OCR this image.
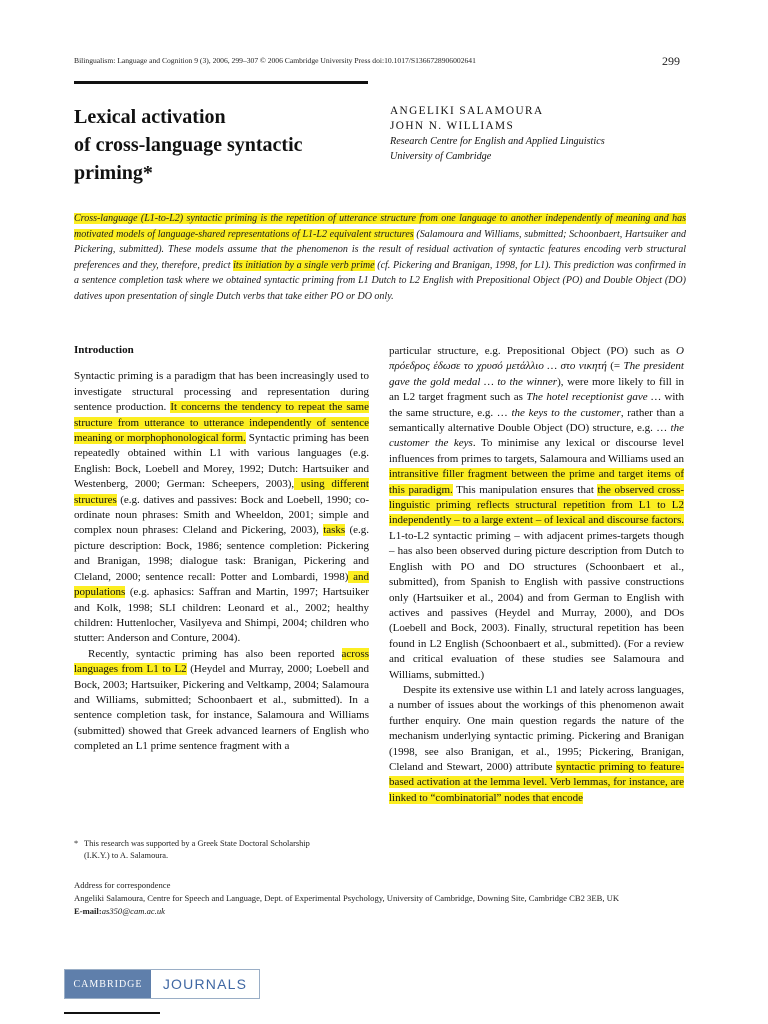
Bilingualism: Language and Cognition 9 (3), 2006, 299–307 © 2006 Cambridge University Press doi:10.1017/S1366728906002641	299
Lexical activation
of cross-language syntactic
priming*
ANGELIKI SALAMOURA
JOHN N. WILLIAMS
Research Centre for English and Applied Linguistics
University of Cambridge
Cross-language (L1-to-L2) syntactic priming is the repetition of utterance structure from one language to another independently of meaning and has motivated models of language-shared representations of L1-L2 equivalent structures (Salamoura and Williams, submitted; Schoonbaert, Hartsuiker and Pickering, submitted). These models assume that the phenomenon is the result of residual activation of syntactic features encoding verb structural preferences and they, therefore, predict its initiation by a single verb prime (cf. Pickering and Branigan, 1998, for L1). This prediction was confirmed in a sentence completion task where we obtained syntactic priming from L1 Dutch to L2 English with Prepositional Object (PO) and Double Object (DO) datives upon presentation of single Dutch verbs that take either PO or DO only.
Introduction

Syntactic priming is a paradigm that has been increasingly used to investigate structural processing and representation during sentence production. It concerns the tendency to repeat the same structure from utterance to utterance independently of sentence meaning or morphophonological form. Syntactic priming has been repeatedly obtained within L1 with various languages (e.g. English: Bock, Loebell and Morey, 1992; Dutch: Hartsuiker and Westenberg, 2000; German: Scheepers, 2003), using different structures (e.g. datives and passives: Bock and Loebell, 1990; co-ordinate noun phrases: Smith and Wheeldon, 2001; simple and complex noun phrases: Cleland and Pickering, 2003), tasks (e.g. picture description: Bock, 1986; sentence completion: Pickering and Branigan, 1998; dialogue task: Branigan, Pickering and Cleland, 2000; sentence recall: Potter and Lombardi, 1998) and populations (e.g. aphasics: Saffran and Martin, 1997; Hartsuiker and Kolk, 1998; SLI children: Leonard et al., 2002; healthy children: Huttenlocher, Vasilyeva and Shimpi, 2004; children who stutter: Anderson and Conture, 2004).

Recently, syntactic priming has also been reported across languages from L1 to L2 (Heydel and Murray, 2000; Loebell and Bock, 2003; Hartsuiker, Pickering and Veltkamp, 2004; Salamoura and Williams, submitted; Schoonbaert et al., submitted). In a sentence completion task, for instance, Salamoura and Williams (submitted) showed that Greek advanced learners of English who completed an L1 prime sentence fragment with a

particular structure, e.g. Prepositional Object (PO) such as Ο πρόεδρος έδωσε το χρυσό μετάλλιο … στο νικητή (= The president gave the gold medal … to the winner), were more likely to fill in an L2 target fragment such as The hotel receptionist gave … with the same structure, e.g. … the keys to the customer, rather than a semantically alternative Double Object (DO) structure, e.g. … the customer the keys. To minimise any lexical or discourse level influences from primes to targets, Salamoura and Williams used an intransitive filler fragment between the prime and target items of this paradigm. This manipulation ensures that the observed cross-linguistic priming reflects structural repetition from L1 to L2 independently – to a large extent – of lexical and discourse factors. L1-to-L2 syntactic priming – with adjacent primes-targets though – has also been observed during picture description from Dutch to English with PO and DO structures (Schoonbaert et al., submitted), from Spanish to English with passive constructions only (Hartsuiker et al., 2004) and from German to English with actives and passives (Heydel and Murray, 2000), and DOs (Loebell and Bock, 2003). Finally, structural repetition has been found in L2 English (Schoonbaert et al., submitted). (For a review and critical evaluation of these studies see Salamoura and Williams, submitted.)

Despite its extensive use within L1 and lately across languages, a number of issues about the workings of this phenomenon await further enquiry. One main question regards the nature of the mechanism underlying syntactic priming. Pickering and Branigan (1998, see also Branigan, et al., 1995; Pickering, Branigan, Cleland and Stewart, 2000) attribute syntactic priming to feature-based activation at the lemma level. Verb lemmas, for instance, are linked to “combinatorial” nodes that encode

* This research was supported by a Greek State Doctoral Scholarship
(I.K.Y.) to A. Salamoura.
Address for correspondence
Angeliki Salamoura, Centre for Speech and Language, Dept. of Experimental Psychology, University of Cambridge, Downing Site, Cambridge CB2 3EB, UK
E-mail:as350@cam.ac.uk
CAMBRIDGE	JOURNALS
